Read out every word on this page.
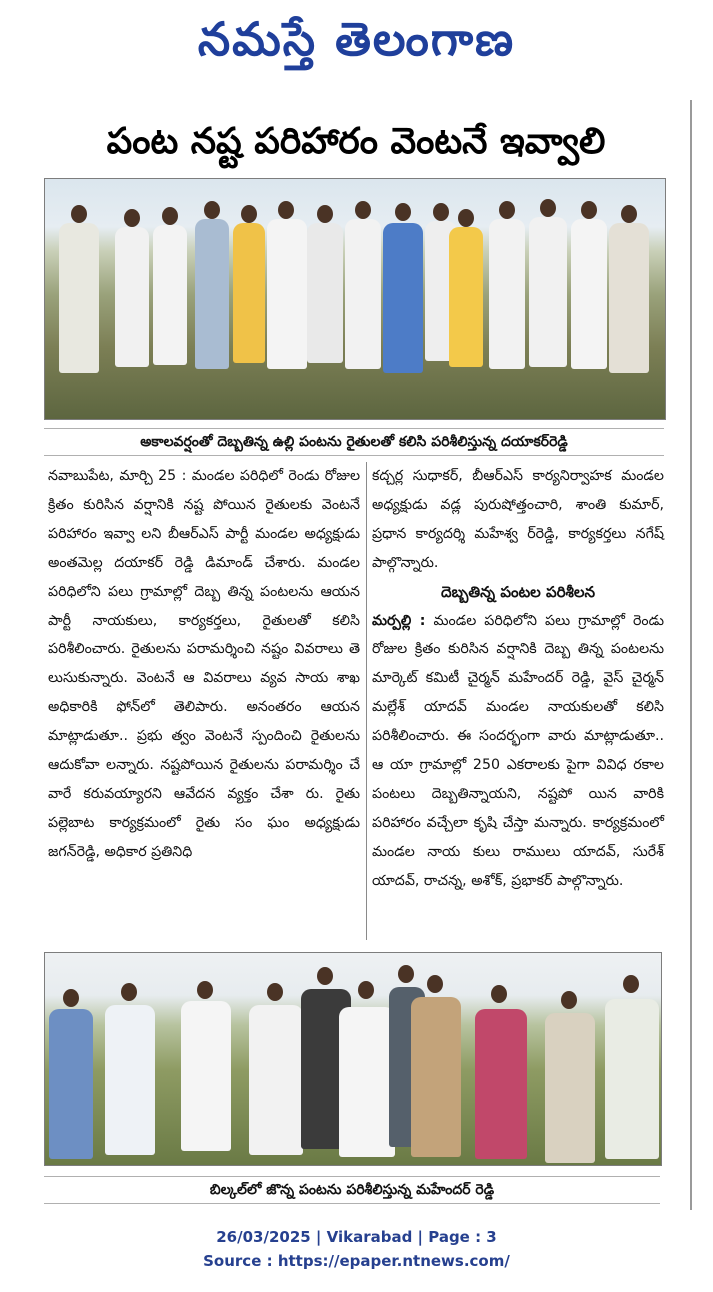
నమస్తే తెలంగాణ
పంట నష్ట పరిహారం వెంటనే ఇవ్వాలి
అకాలవర్షంతో దెబ్బతిన్న ఉల్లి పంటను రైతులతో కలిసి పరిశీలిస్తున్న దయాకర్‌రెడ్డి

నవాబుపేట, మార్చి 25 : మండల పరిధిలో రెండు రోజుల క్రితం కురిసిన వర్షానికి నష్ట పోయిన రైతులకు వెంటనే పరిహారం ఇవ్వా లని బీఆర్‌ఎస్ పార్టీ మండల అధ్యక్షుడు అంతమెల్ల దయాకర్ రెడ్డి డిమాండ్ చేశారు. మండల పరిధిలోని పలు గ్రామాల్లో దెబ్బ తిన్న పంటలను ఆయన పార్టీ నాయకులు, కార్యకర్తలు, రైతులతో కలిసి పరిశీలించారు. రైతులను పరామర్శించి నష్టం వివరాలు తె లుసుకున్నారు. వెంటనే ఆ వివరాలు వ్యవ సాయ శాఖ అధికారికి ఫోన్‌లో తెలిపారు. అనంతరం ఆయన మాట్లాడుతూ.. ప్రభు త్వం వెంటనే స్పందించి రైతులను ఆదుకోవా లన్నారు. నష్టపోయిన రైతులను పరామర్శిం చే వారే కరువయ్యారని ఆవేదన వ్యక్తం చేశా రు. రైతు పల్లెబాట కార్యక్రమంలో రైతు సం ఘం అధ్యక్షుడు జగన్‌రెడ్డి, అధికార ప్రతినిధి

కద్చర్ల సుధాకర్, బీఆర్‌ఎస్ కార్యనిర్వాహక మండల అధ్యక్షుడు వడ్ల పురుషోత్తంచారి, శాంతి కుమార్, ప్రధాన కార్యదర్శి మహేశ్వ ర్‌రెడ్డి, కార్యకర్తలు నగేష్ పాల్గొన్నారు.

దెబ్బతిన్న పంటల పరిశీలన

మర్పల్లి : మండల పరిధిలోని పలు గ్రామాల్లో రెండు రోజుల క్రితం కురిసిన వర్షానికి దెబ్బ తిన్న పంటలను మార్కెట్ కమిటీ చైర్మన్ మహేందర్ రెడ్డి, వైస్ చైర్మన్ మల్లేశ్ యాదవ్ మండల నాయకులతో కలిసి పరిశీలించారు. ఈ సందర్భంగా వారు మాట్లాడుతూ.. ఆ యా గ్రామాల్లో 250 ఎకరాలకు పైగా వివిధ రకాల పంటలు దెబ్బతిన్నాయని, నష్టపో యిన వారికి పరిహారం వచ్చేలా కృషి చేస్తా మన్నారు. కార్యక్రమంలో మండల నాయ కులు రాములు యాదవ్, సురేశ్ యాదవ్, రాచన్న, అశోక్, ప్రభాకర్ పాల్గొన్నారు.

బిల్కల్‌లో జొన్న పంటను పరిశీలిస్తున్న మహేందర్ రెడ్డి
26/03/2025 | Vikarabad | Page : 3
Source : https://epaper.ntnews.com/
